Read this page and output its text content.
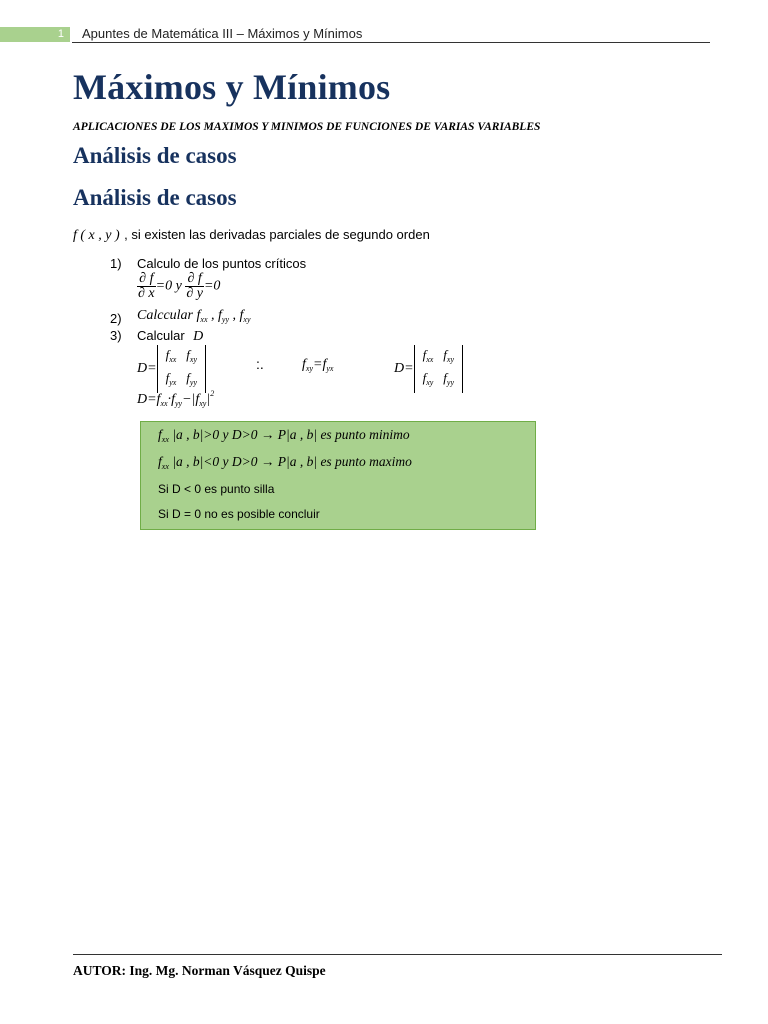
1 Apuntes de Matemática III – Máximos y Mínimos
Máximos y Mínimos
APLICACIONES DE LOS MAXIMOS Y MINIMOS DE FUNCIONES DE VARIAS VARIABLES
Análisis de casos
Análisis de casos
f ( x , y ) , si existen las derivadas parciales de segundo orden
1) Calculo de los puntos críticos
$\frac{\partial f}{\partial x} =0$ y $\frac{\partial f}{\partial y} =0$
2) Calccular $f_{xx}$ , $f_{yy}$ , $f_{xy}$
3) Calcular D
D=
$f_{xx}$	$f_{xy}$
$f_{yx}$	$f_{yy}$
:.	$f_{xy}=f_{yx}$	D=
$f_{xx}$	$f_{xy}$
$f_{xy}$	$f_{yy}$
$D=f_{xx}\cdot f_{yy}-|f_{xy}|^2$
$f_{xx}$ |a , b|>0 y D>0 → P|a , b| es punto minimo
$f_{xx}$ |a , b|<0 y D>0 → P|a , b| es punto maximo
Si D < 0 es punto silla
Si D = 0 no es posible concluir
AUTOR: Ing. Mg. Norman Vásquez Quispe
